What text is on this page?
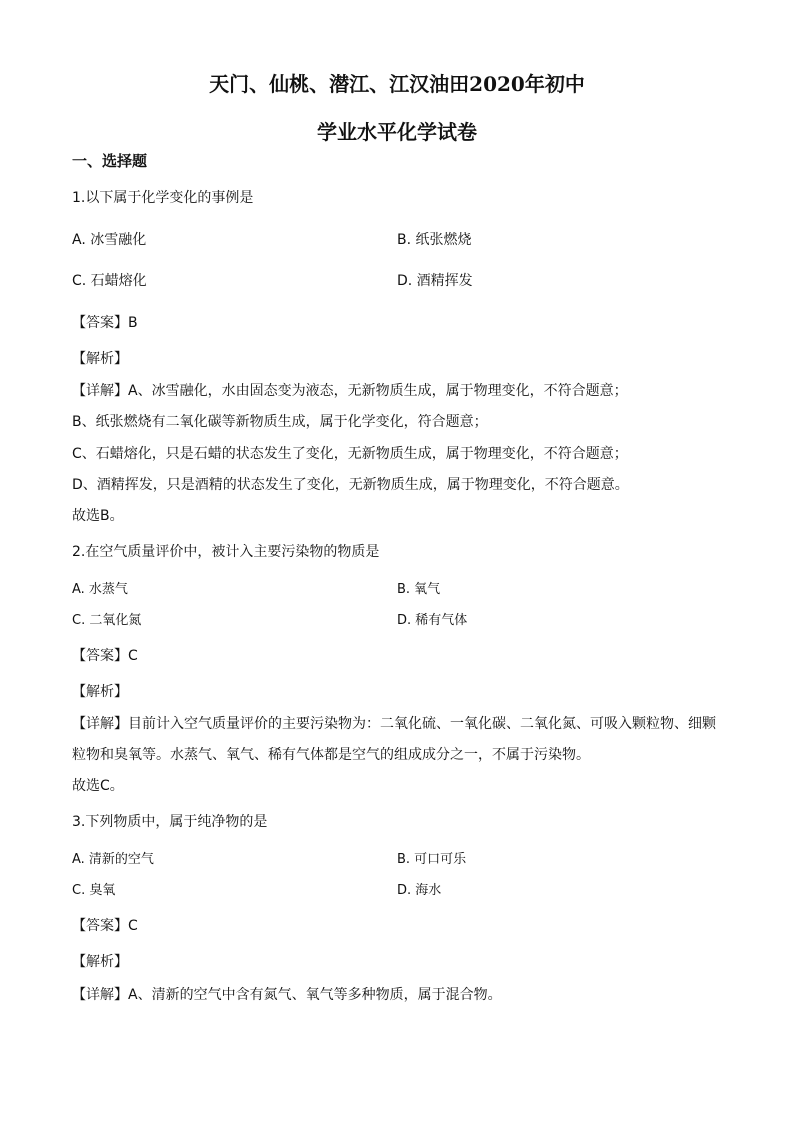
天门、仙桃、潜江、江汉油田2020年初中
学业水平化学试卷
一、选择题
1.以下属于化学变化的事例是
A. 冰雪融化	B. 纸张燃烧
C. 石蜡熔化	D. 酒精挥发
【答案】B
【解析】
【详解】A、冰雪融化，水由固态变为液态，无新物质生成，属于物理变化，不符合题意；
B、纸张燃烧有二氧化碳等新物质生成，属于化学变化，符合题意；
C、石蜡熔化，只是石蜡的状态发生了变化，无新物质生成，属于物理变化，不符合题意；
D、酒精挥发，只是酒精的状态发生了变化，无新物质生成，属于物理变化，不符合题意。
故选B。
2.在空气质量评价中，被计入主要污染物的物质是
A. 水蒸气	B. 氧气
C. 二氧化氮	D. 稀有气体
【答案】C
【解析】
【详解】目前计入空气质量评价的主要污染物为：二氧化硫、一氧化碳、二氧化氮、可吸入颗粒物、细颗
粒物和臭氧等。水蒸气、氧气、稀有气体都是空气的组成成分之一，不属于污染物。
故选C。
3.下列物质中，属于纯净物的是
A. 清新的空气	B. 可口可乐
C. 臭氧	D. 海水
【答案】C
【解析】
【详解】A、清新的空气中含有氮气、氧气等多种物质，属于混合物。
